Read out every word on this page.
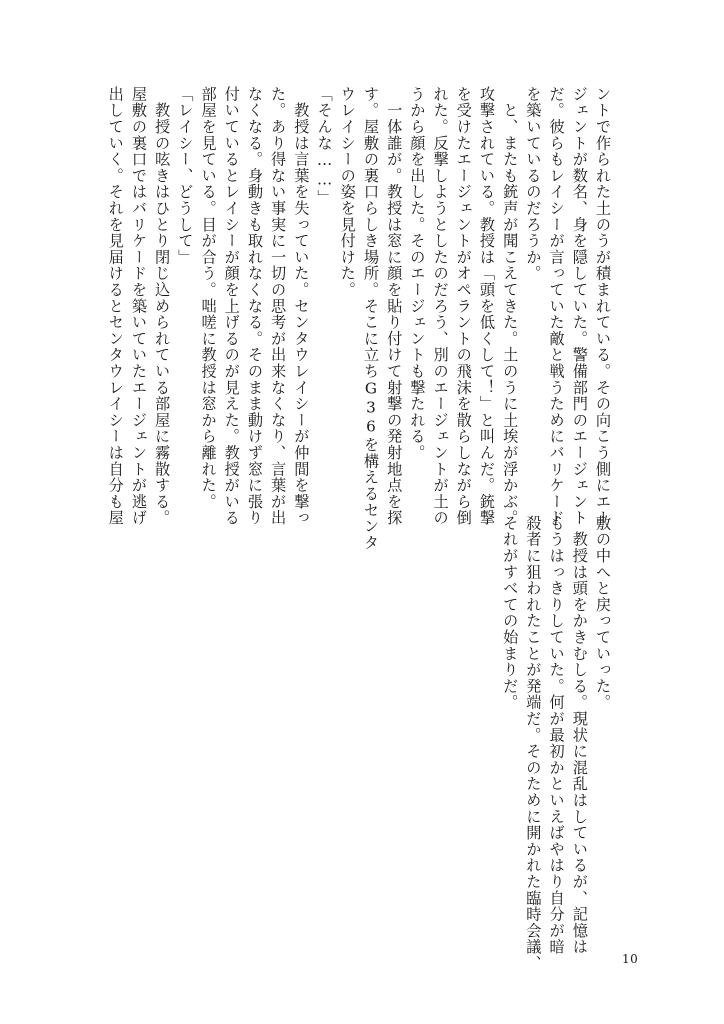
ントで作られた土のうが積まれている。その向こう側にエー
ジェントが数名、身を隠していた。警備部門のエージェント
だ。彼らもレイシーが言っていた敵と戦うためにバリケード
を築いているのだろうか。
　と、またも銃声が聞こえてきた。土のうに土埃が浮かぶ。
攻撃されている。教授は「頭を低くして！」と叫んだ。銃撃
を受けたエージェントがオペラントの飛沫を散らしながら倒
れた。反撃しようとしたのだろう、別のエージェントが土の
うから顔を出した。そのエージェントも撃たれる。
　一体誰が。教授は窓に顔を貼り付けて射撃の発射地点を探
す。屋敷の裏口らしき場所。そこに立ちG36を構えるセンタ
ウレイシーの姿を見付けた。
「そんな……」
　教授は言葉を失っていた。センタウレイシーが仲間を撃っ
た。あり得ない事実に一切の思考が出来なくなり、言葉が出
なくなる。身動きも取れなくなる。そのまま動けず窓に張り
付いているとレイシーが顔を上げるのが見えた。教授がいる
部屋を見ている。目が合う。咄嗟に教授は窓から離れた。
「レイシー、どうして」
　教授の呟きはひとり閉じ込められている部屋に霧散する。
屋敷の裏口ではバリケードを築いていたエージェントが逃げ
出していく。それを見届けるとセンタウレイシーは自分も屋
敷の中へと戻っていった。
　教授は頭をかきむしる。現状に混乱はしているが、記憶は
もうはっきりしていた。何が最初かといえばやはり自分が暗
殺者に狙われたことが発端だ。そのために開かれた臨時会議、
それがすべての始まりだ。
10
